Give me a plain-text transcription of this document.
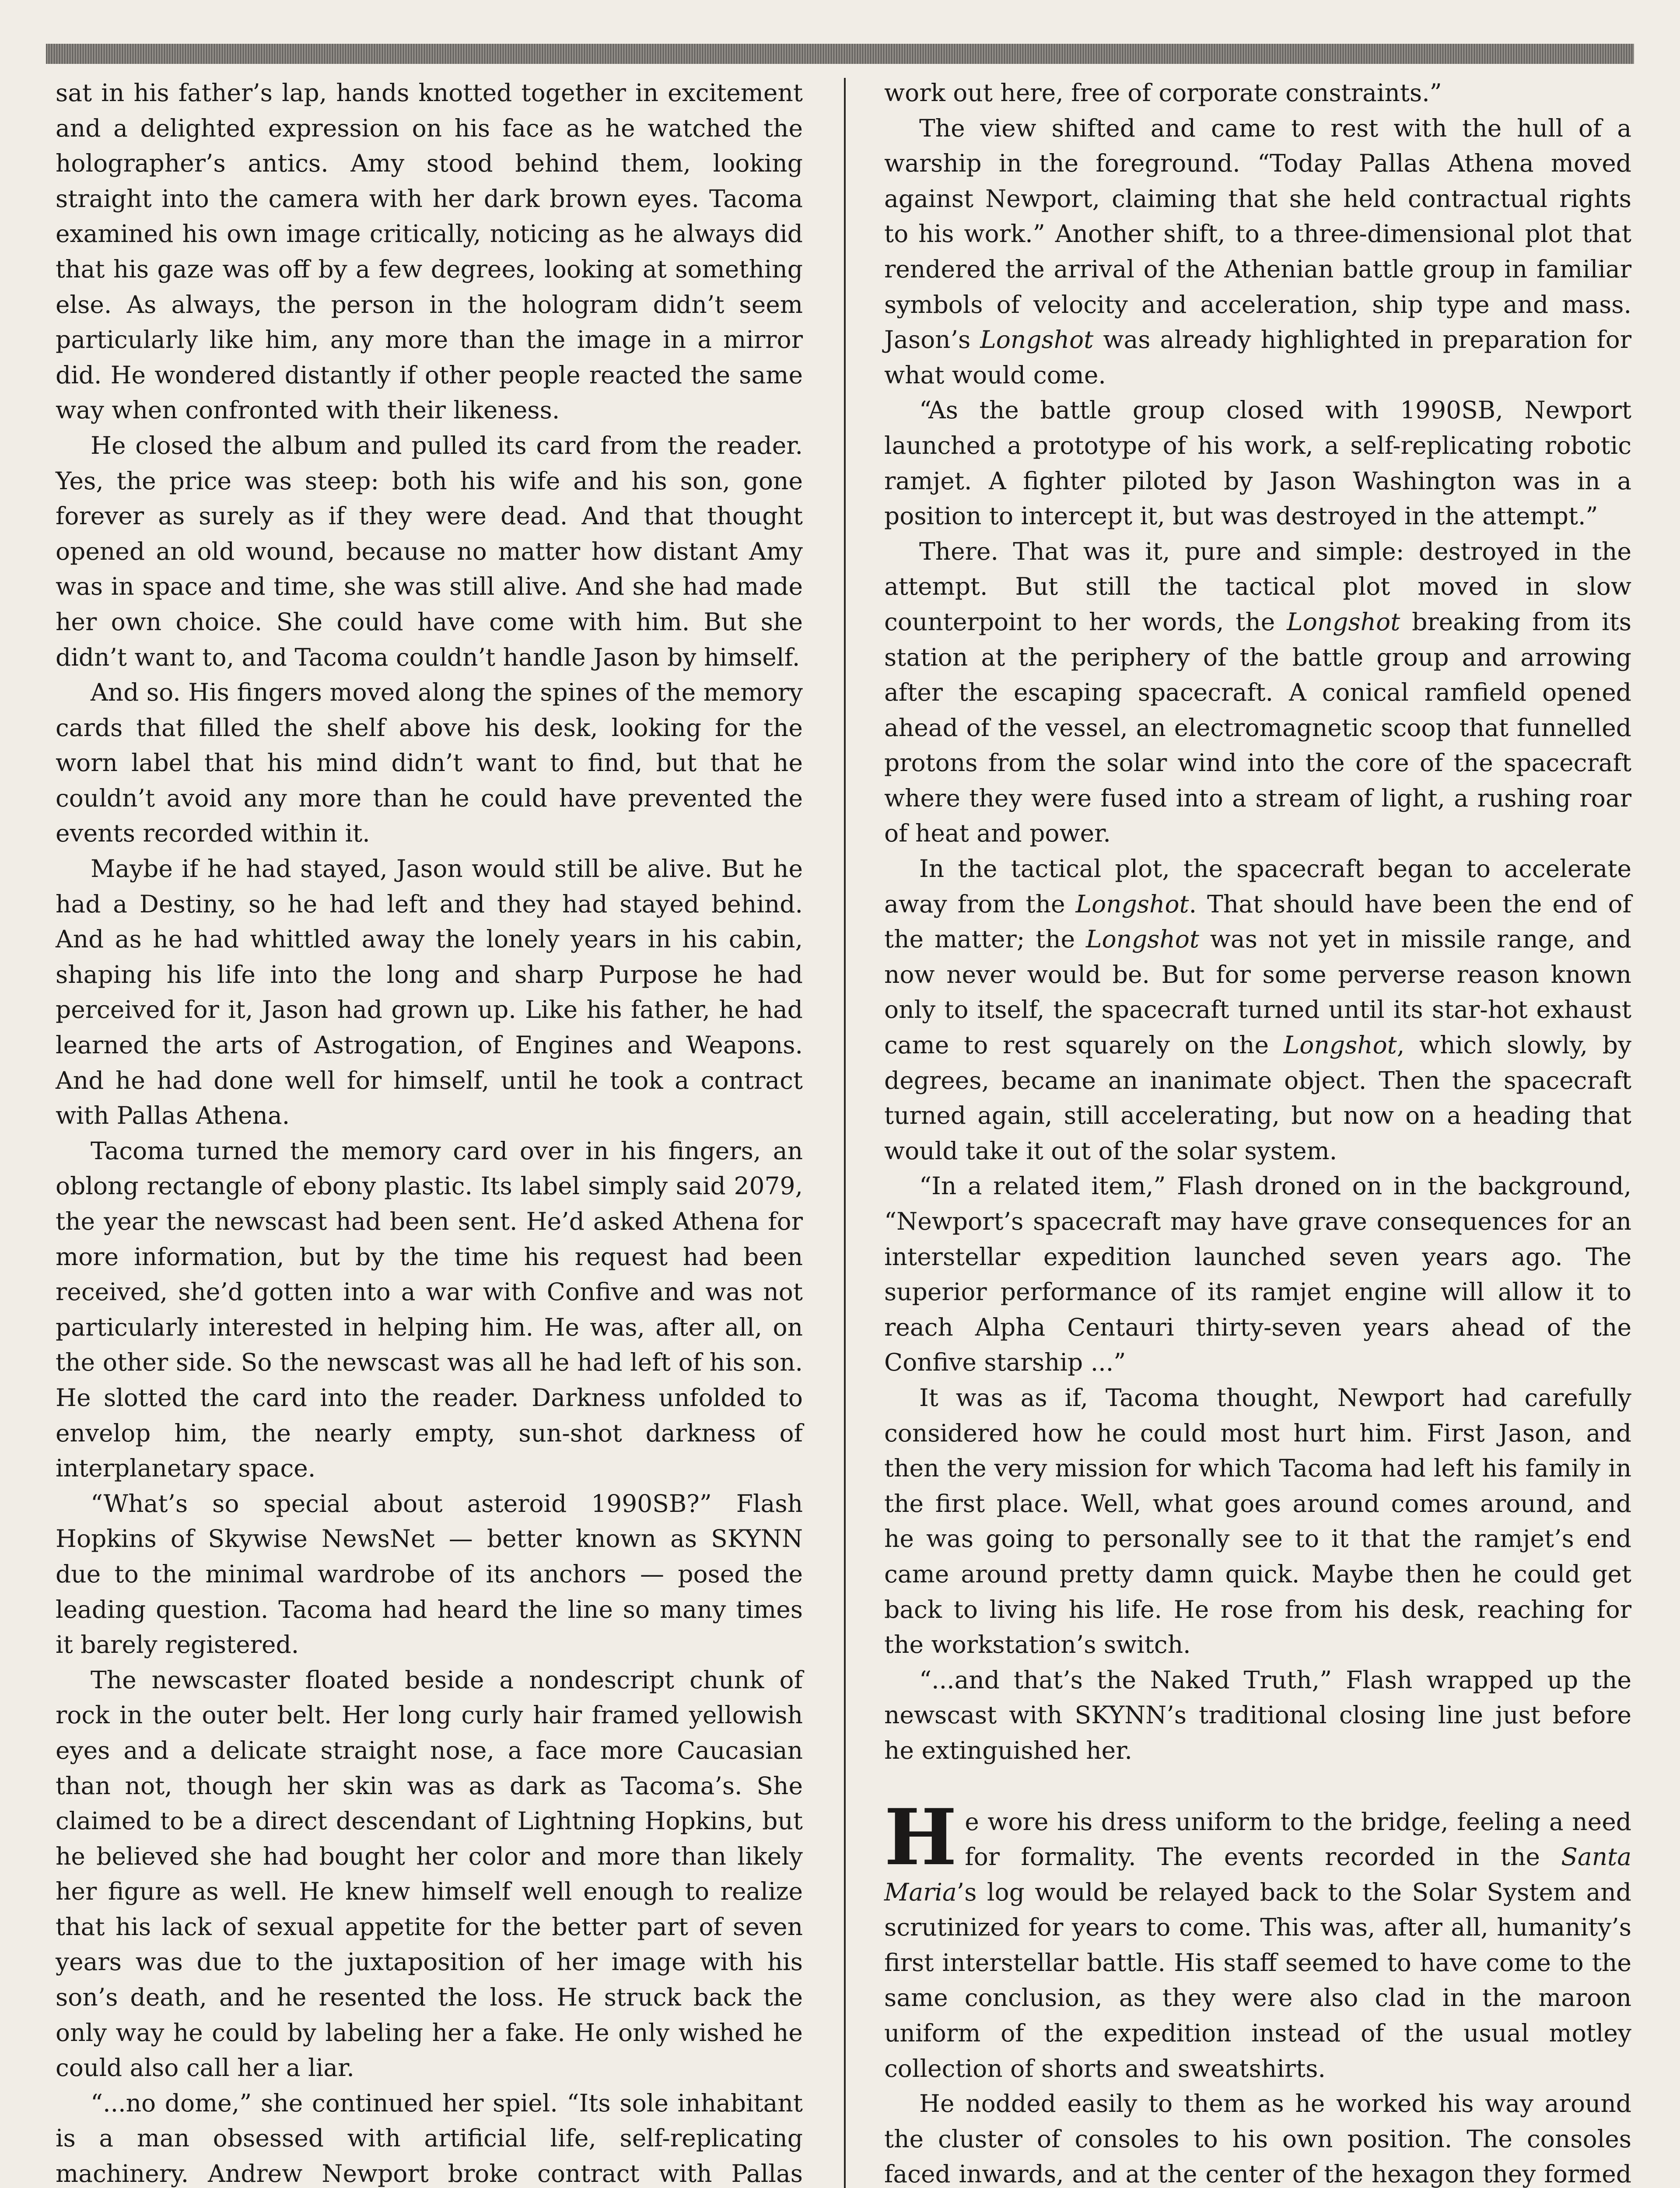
sat in his father’s lap, hands knotted together in excitement and a delighted expression on his face as he watched the holographer’s antics. Amy stood behind them, looking straight into the camera with her dark brown eyes. Tacoma examined his own image critically, noticing as he always did that his gaze was off by a few degrees, looking at something else. As always, the person in the hologram didn’t seem particularly like him, any more than the image in a mirror did. He wondered distantly if other people reacted the same way when confronted with their likeness.

He closed the album and pulled its card from the reader. Yes, the price was steep: both his wife and his son, gone forever as surely as if they were dead. And that thought opened an old wound, because no matter how distant Amy was in space and time, she was still alive. And she had made her own choice. She could have come with him. But she didn’t want to, and Tacoma couldn’t handle Jason by himself.

And so. His fingers moved along the spines of the memory cards that filled the shelf above his desk, looking for the worn label that his mind didn’t want to find, but that he couldn’t avoid any more than he could have prevented the events recorded within it.

Maybe if he had stayed, Jason would still be alive. But he had a Destiny, so he had left and they had stayed behind. And as he had whittled away the lonely years in his cabin, shaping his life into the long and sharp Purpose he had perceived for it, Jason had grown up. Like his father, he had learned the arts of Astrogation, of Engines and Weapons. And he had done well for himself, until he took a contract with Pallas Athena.

Tacoma turned the memory card over in his fingers, an oblong rectangle of ebony plastic. Its label simply said 2079, the year the newscast had been sent. He’d asked Athena for more information, but by the time his request had been received, she’d gotten into a war with Confive and was not particularly interested in helping him. He was, after all, on the other side. So the newscast was all he had left of his son. He slotted the card into the reader. Darkness unfolded to envelop him, the nearly empty, sun-shot darkness of interplanetary space.

“What’s so special about asteroid 1990SB?” Flash Hopkins of Skywise NewsNet — better known as SKYNN due to the minimal wardrobe of its anchors — posed the leading question. Tacoma had heard the line so many times it barely registered.

The newscaster floated beside a nondescript chunk of rock in the outer belt. Her long curly hair framed yellowish eyes and a delicate straight nose, a face more Caucasian than not, though her skin was as dark as Tacoma’s. She claimed to be a direct descendant of Lightning Hopkins, but he believed she had bought her color and more than likely her figure as well. He knew himself well enough to realize that his lack of sexual appetite for the better part of seven years was due to the juxtaposition of her image with his son’s death, and he resented the loss. He struck back the only way he could by labeling her a fake. He only wished he could also call her a liar.

“...no dome,” she continued her spiel. “Its sole inhabitant is a man obsessed with artificial life, self-replicating machinery. Andrew Newport broke contract with Pallas

work out here, free of corporate constraints.”

The view shifted and came to rest with the hull of a warship in the foreground. “Today Pallas Athena moved against Newport, claiming that she held contractual rights to his work.” Another shift, to a three-dimensional plot that rendered the arrival of the Athenian battle group in familiar symbols of velocity and acceleration, ship type and mass. Jason’s Longshot was already highlighted in preparation for what would come.

“As the battle group closed with 1990SB, Newport launched a prototype of his work, a self-replicating robotic ramjet. A fighter piloted by Jason Washington was in a position to intercept it, but was destroyed in the attempt.”

There. That was it, pure and simple: destroyed in the attempt. But still the tactical plot moved in slow counterpoint to her words, the Longshot breaking from its station at the periphery of the battle group and arrowing after the escaping spacecraft. A conical ramfield opened ahead of the vessel, an electromagnetic scoop that funnelled protons from the solar wind into the core of the spacecraft where they were fused into a stream of light, a rushing roar of heat and power.

In the tactical plot, the spacecraft began to accelerate away from the Longshot. That should have been the end of the matter; the Longshot was not yet in missile range, and now never would be. But for some perverse reason known only to itself, the spacecraft turned until its star-hot exhaust came to rest squarely on the Longshot, which slowly, by degrees, became an inanimate object. Then the spacecraft turned again, still accelerating, but now on a heading that would take it out of the solar system.

“In a related item,” Flash droned on in the background, “Newport’s spacecraft may have grave consequences for an interstellar expedition launched seven years ago. The superior performance of its ramjet engine will allow it to reach Alpha Centauri thirty-seven years ahead of the Confive starship ...”

It was as if, Tacoma thought, Newport had carefully considered how he could most hurt him. First Jason, and then the very mission for which Tacoma had left his family in the first place. Well, what goes around comes around, and he was going to personally see to it that the ramjet’s end came around pretty damn quick. Maybe then he could get back to living his life. He rose from his desk, reaching for the workstation’s switch.

“...and that’s the Naked Truth,” Flash wrapped up the newscast with SKYNN’s traditional closing line just before he extinguished her.

He wore his dress uniform to the bridge, feeling a need for formality. The events recorded in the Santa Maria’s log would be relayed back to the Solar System and scrutinized for years to come. This was, after all, humanity’s first interstellar battle. His staff seemed to have come to the same conclusion, as they were also clad in the maroon uniform of the expedition instead of the usual motley collection of shorts and sweatshirts.

He nodded easily to them as he worked his way around the cluster of consoles to his own position. The consoles faced inwards, and at the center of the hexagon they formed
